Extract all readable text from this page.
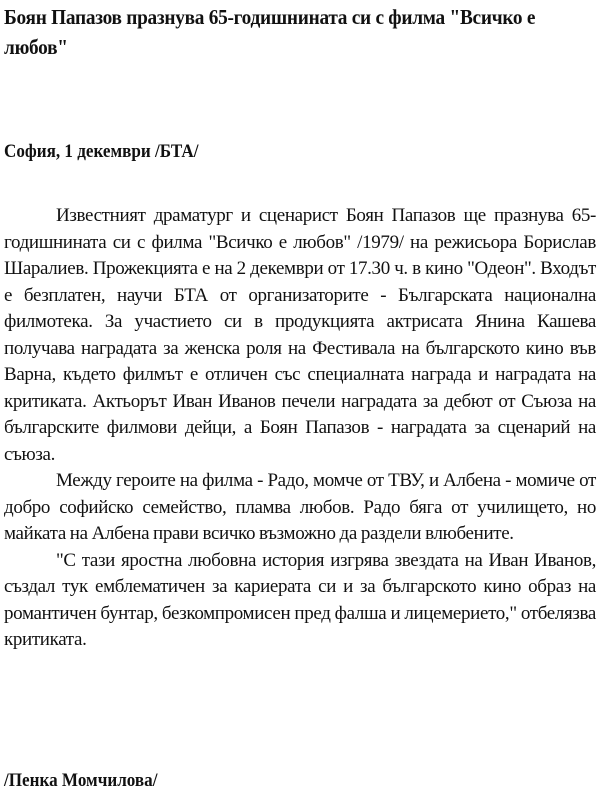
Боян Папазов празнува 65-годишнината си с филма "Всичко е любов"

София, 1 декември /БТА/

Известният драматург и сценарист Боян Папазов ще празнува 65-годишнината си с филма "Всичко е любов" /1979/ на режисьора Борислав Шаралиев. Прожекцията е на 2 декември от 17.30 ч. в кино "Одеон". Входът е безплатен, научи БТА от организаторите - Българската национална филмотека. За участието си в продукцията актрисата Янина Кашева получава наградата за женска роля на Фестивала на българското кино във Варна, където филмът е отличен със специалната награда и наградата на критиката. Актьорът Иван Иванов печели наградата за дебют от Съюза на българските филмови дейци, а Боян Папазов - наградата за сценарий на съюза.

Между героите на филма - Радо, момче от ТВУ, и Албена - момиче от добро софийско семейство, пламва любов. Радо бяга от училището, но майката на Албена прави всичко възможно да раздели влюбените.

"С тази яростна любовна история изгрява звездата на Иван Иванов, създал тук емблематичен за кариерата си и за българското кино образ на романтичен бунтар, безкомпромисен пред фалша и лицемерието," отбелязва критиката.

/Пенка Момчилова/
